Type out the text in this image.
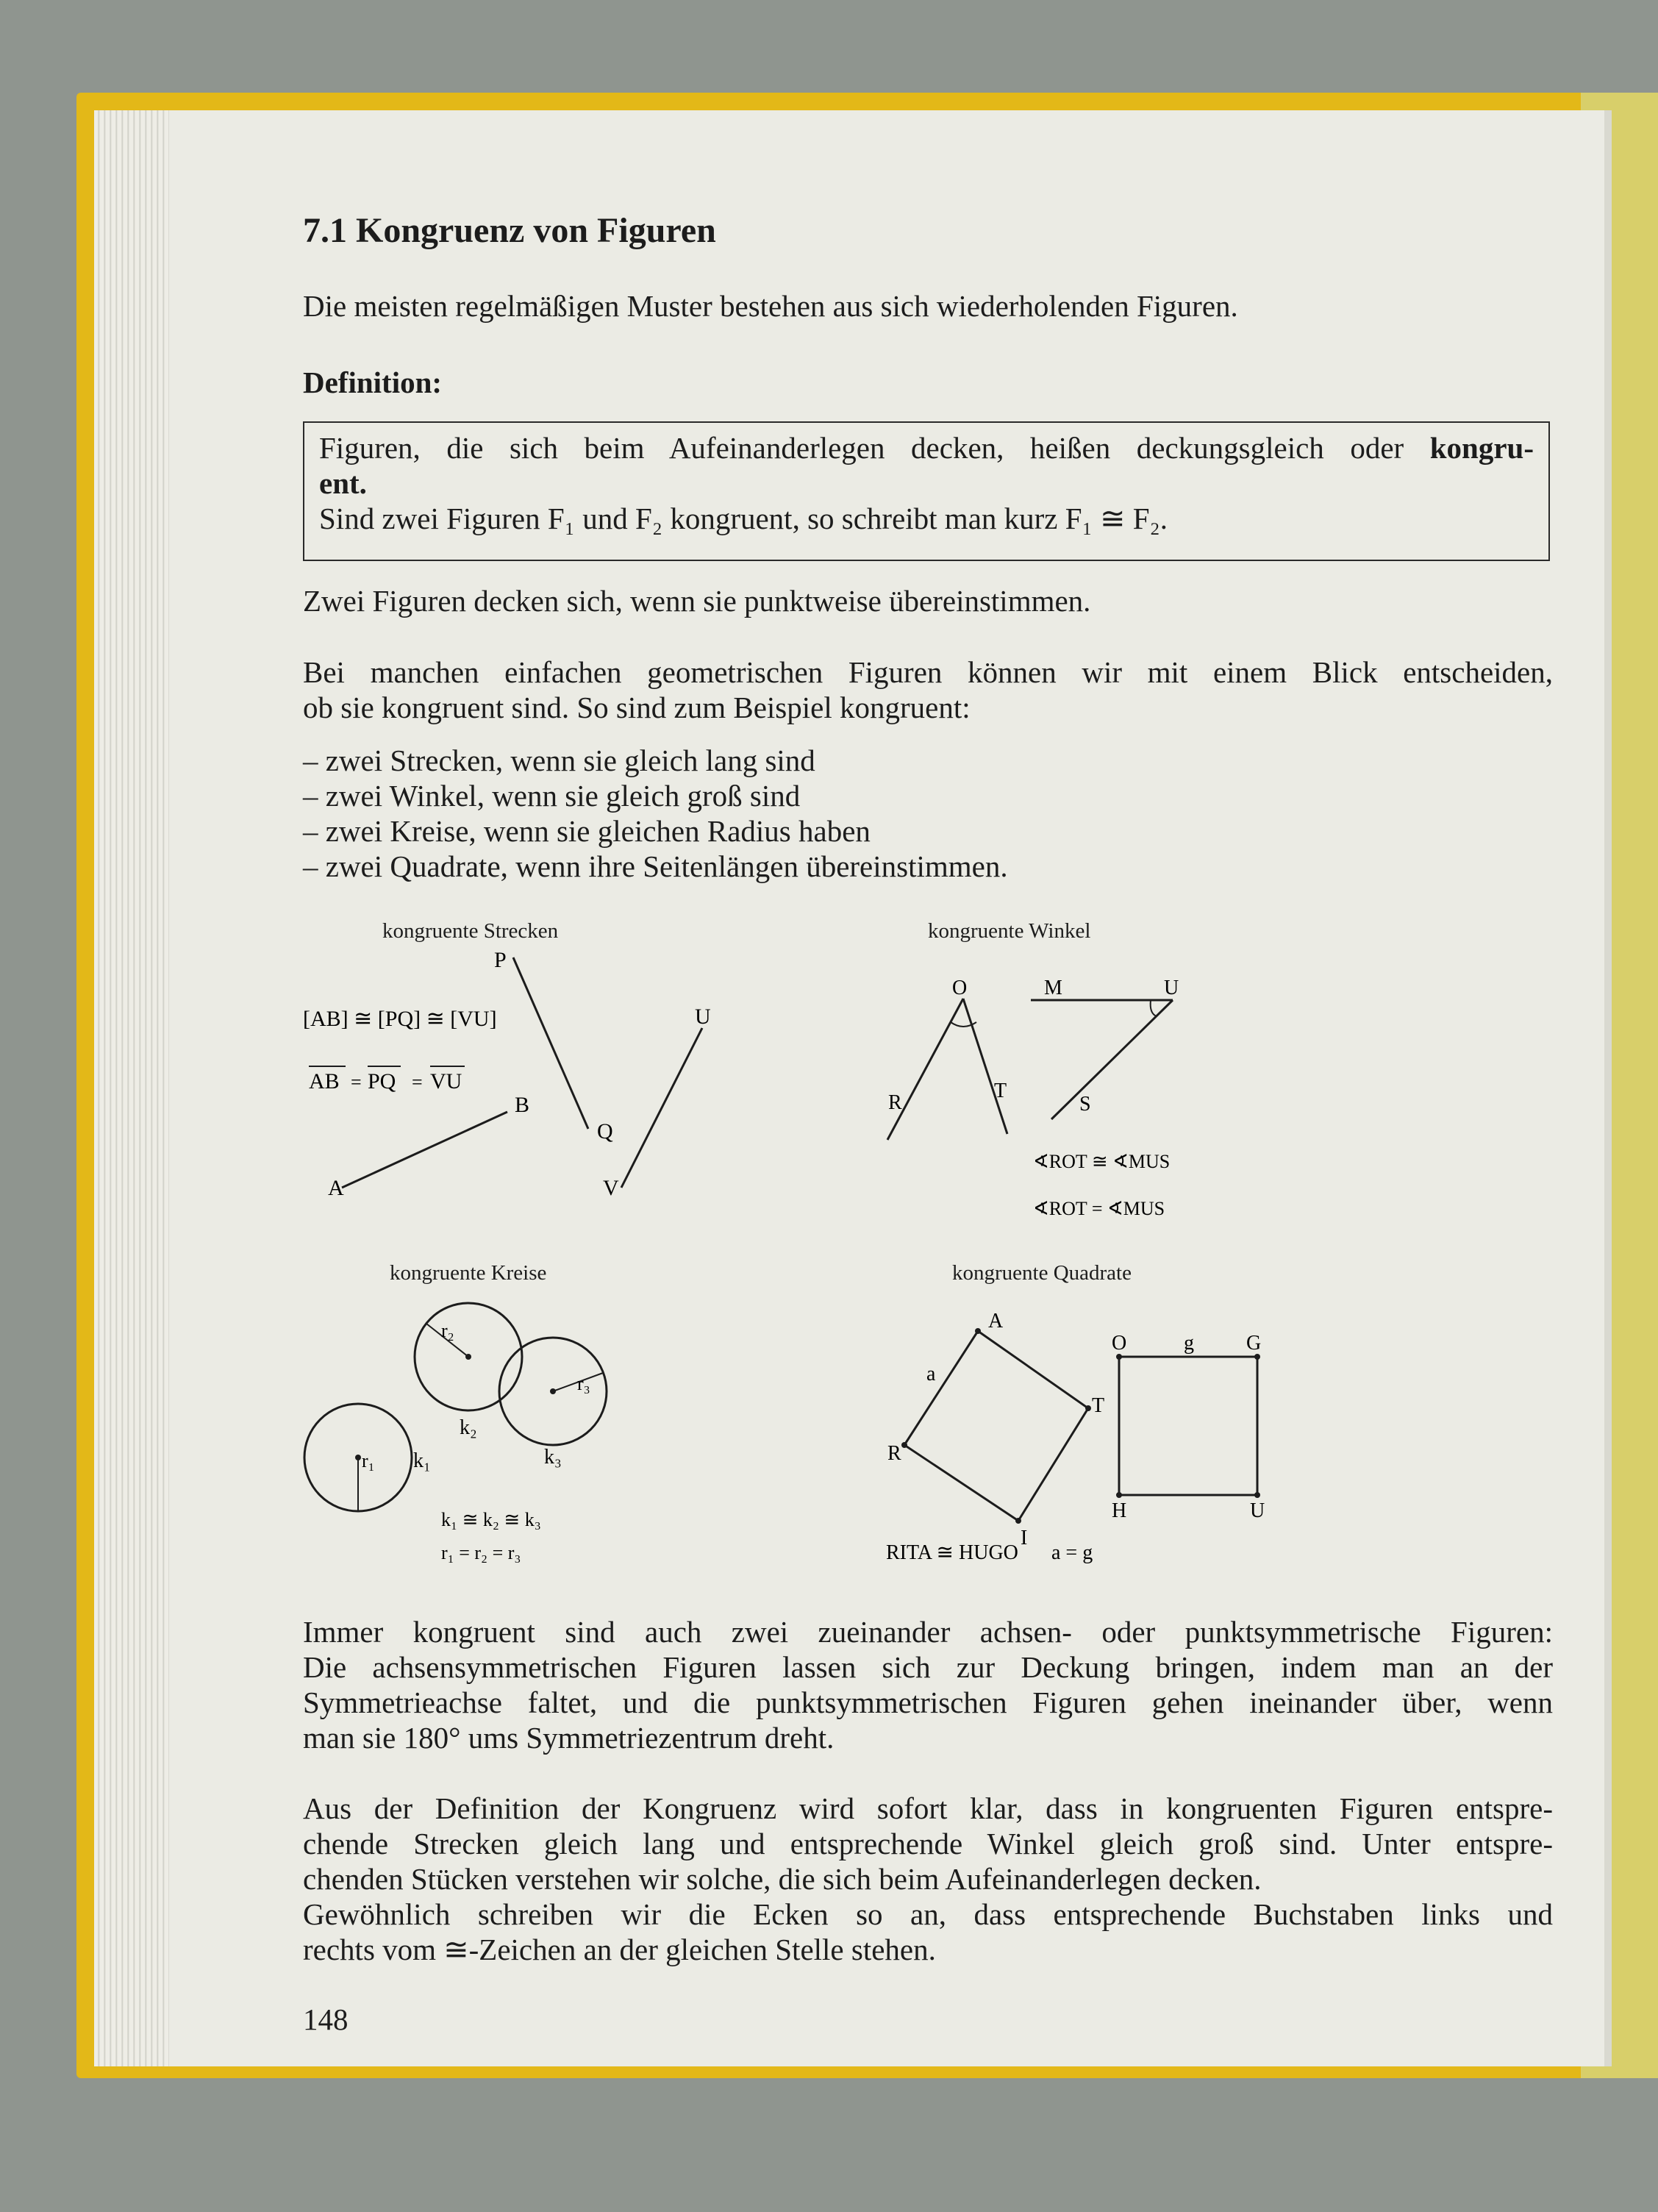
7.1 Kongruenz von Figuren

Die meisten regelmäßigen Muster bestehen aus sich wiederholenden Figuren.

Definition:

Figuren, die sich beim Aufeinanderlegen decken, heißen deckungsgleich oder kongru-
ent.
Sind zwei Figuren F₁ und F₂ kongruent, so schreibt man kurz F₁ ≅ F₂.

Zwei Figuren decken sich, wenn sie punktweise übereinstimmen.

Bei manchen einfachen geometrischen Figuren können wir mit einem Blick entscheiden,
ob sie kongruent sind. So sind zum Beispiel kongruent:
– zwei Strecken, wenn sie gleich lang sind
– zwei Winkel, wenn sie gleich groß sind
– zwei Kreise, wenn sie gleichen Radius haben
– zwei Quadrate, wenn ihre Seitenlängen übereinstimmen.
kongruente Strecken
P
U
B
Q
A	V
[AB] ≅ [PQ] ≅ [VU]
AB = PQ = VU
kongruente Winkel
O	M	U
R
T
S
∢ROT ≅ ∢MUS
∢ROT = ∢MUS
kongruente Kreise
r₁
r₂
r₃
k₁
k₂
k₃
k₁ ≅ k₂ ≅ k₃
r₁ = r₂ = r₃
kongruente Quadrate
A
a
T
R
I
O	g	G
H	U
RITA ≅ HUGO a = g
Immer kongruent sind auch zwei zueinander achsen- oder punktsymmetrische Figuren:
Die achsensymmetrischen Figuren lassen sich zur Deckung bringen, indem man an der
Symmetrieachse faltet, und die punktsymmetrischen Figuren gehen ineinander über, wenn
man sie 180° ums Symmetriezentrum dreht.
Aus der Definition der Kongruenz wird sofort klar, dass in kongruenten Figuren entspre-
chende Strecken gleich lang und entsprechende Winkel gleich groß sind. Unter entspre-
chenden Stücken verstehen wir solche, die sich beim Aufeinanderlegen decken.
Gewöhnlich schreiben wir die Ecken so an, dass entsprechende Buchstaben links und
rechts vom ≅-Zeichen an der gleichen Stelle stehen.
148
